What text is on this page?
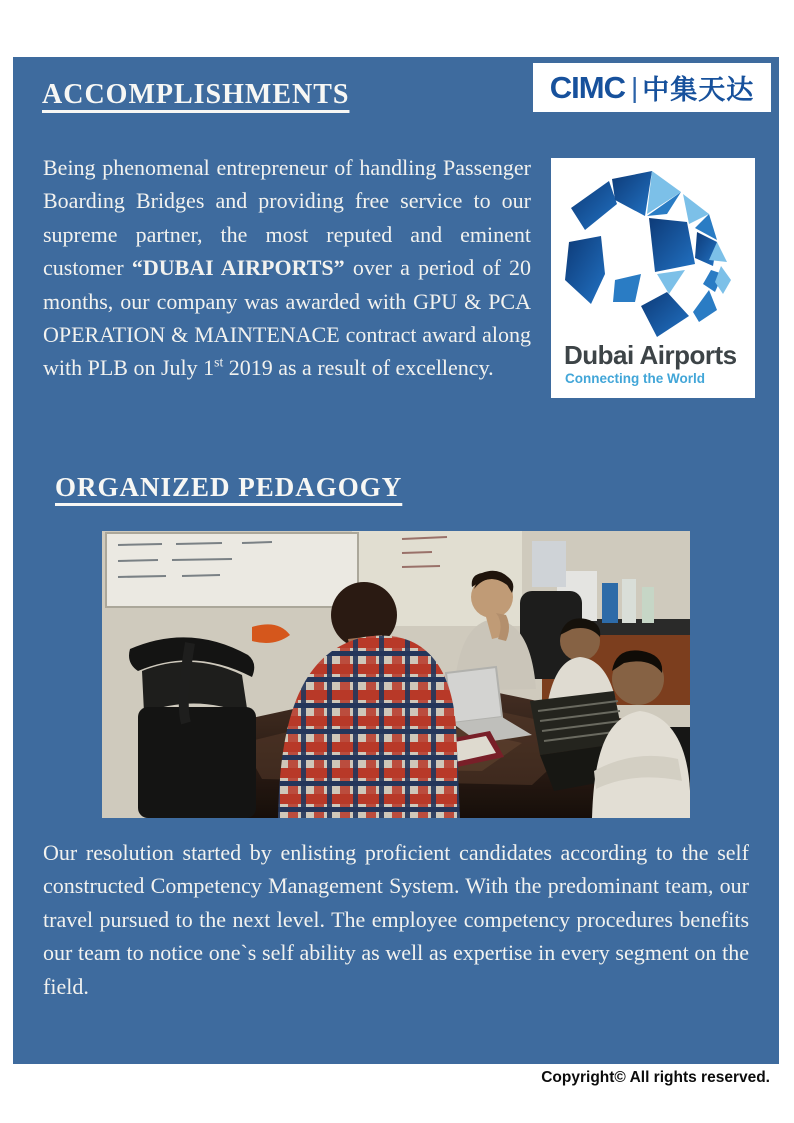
ACCOMPLISHMENTS	CIMC | 中集天达

Being phenomenal entrepreneur of handling Passenger Boarding Bridges and providing free service to our supreme partner, the most reputed and eminent customer “DUBAI AIRPORTS” over a period of 20 months, our company was awarded with GPU & PCA OPERATION & MAINTENACE contract award along with PLB on July 1st 2019 as a result of excellency.	Dubai Airports
Connecting the World
ORGANIZED PEDAGOGY

Our resolution started by enlisting proficient candidates according to the self constructed Competency Management System. With the predominant team, our travel pursued to the next level. The employee competency procedures benefits our team to notice one`s self ability as well as expertise in every segment on the field.

Copyright© All rights reserved.
